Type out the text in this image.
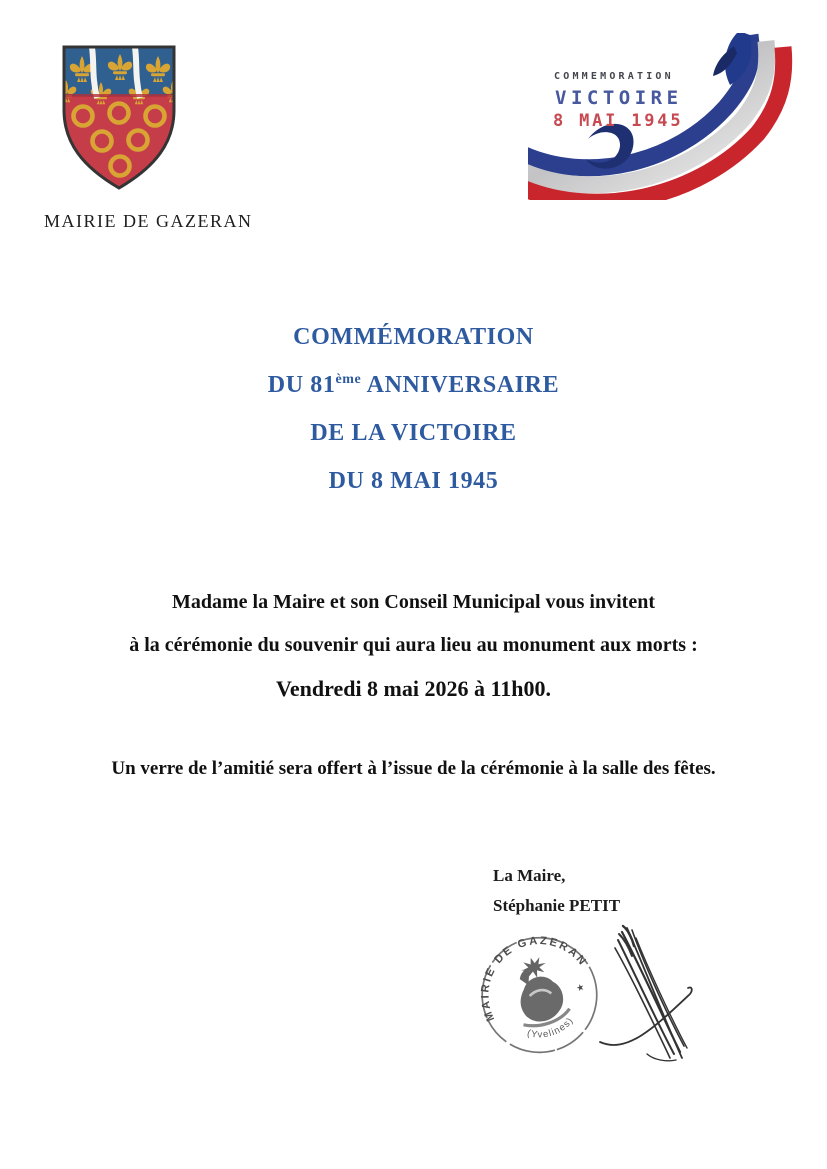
MAIRIE DE GAZERAN
COMMEMORATION
VICTOIRE
8 MAI 1945
COMMÉMORATION
DU 81ème ANNIVERSAIRE
DE LA VICTOIRE
DU 8 MAI 1945
Madame la Maire et son Conseil Municipal vous invitent
à la cérémonie du souvenir qui aura lieu au monument aux morts :
Vendredi 8 mai 2026 à 11h00.
Un verre de l’amitié sera offert à l’issue de la cérémonie à la salle des fêtes.
La Maire,
Stéphanie PETIT
MAIRIE DE GAZERAN
(Yvelines)
★
